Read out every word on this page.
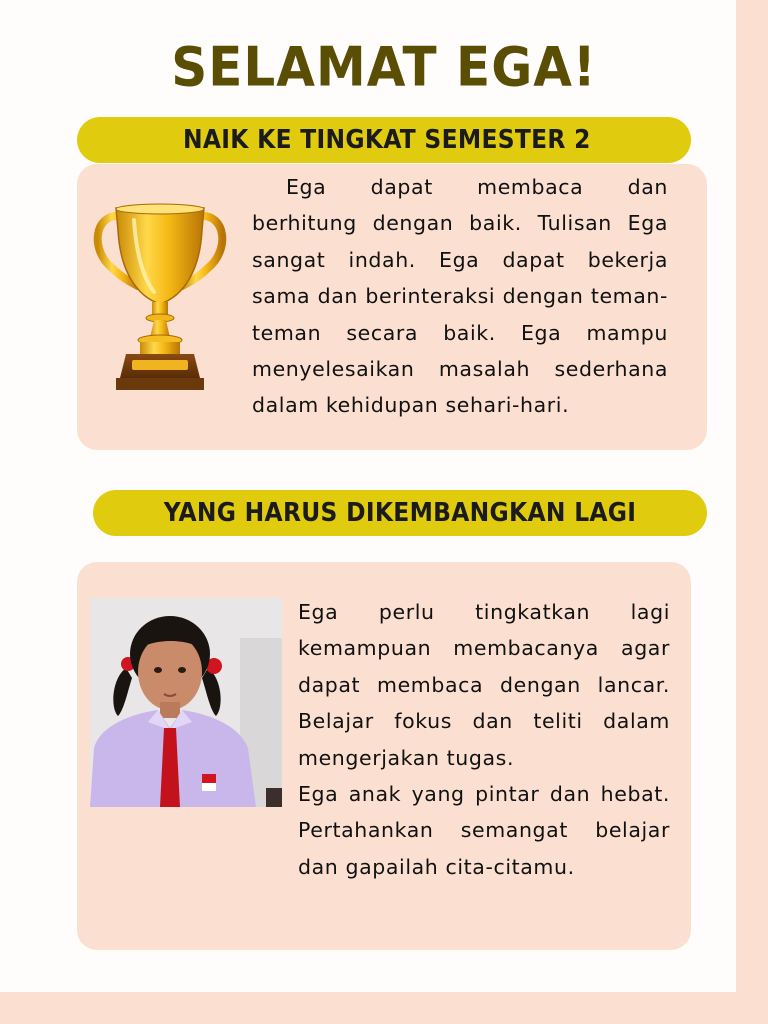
SELAMAT EGA!
NAIK KE TINGKAT SEMESTER 2
Ega dapat membaca dan berhitung dengan baik. Tulisan Ega sangat indah. Ega dapat bekerja sama dan berinteraksi dengan teman-teman secara baik. Ega mampu menyelesaikan masalah sederhana dalam kehidupan sehari-hari.
YANG HARUS DIKEMBANGKAN LAGI

Ega perlu tingkatkan lagi kemampuan membacanya agar dapat membaca dengan lancar. Belajar fokus dan teliti dalam mengerjakan tugas.

Ega anak yang pintar dan hebat. Pertahankan semangat belajar dan gapailah cita-citamu.
